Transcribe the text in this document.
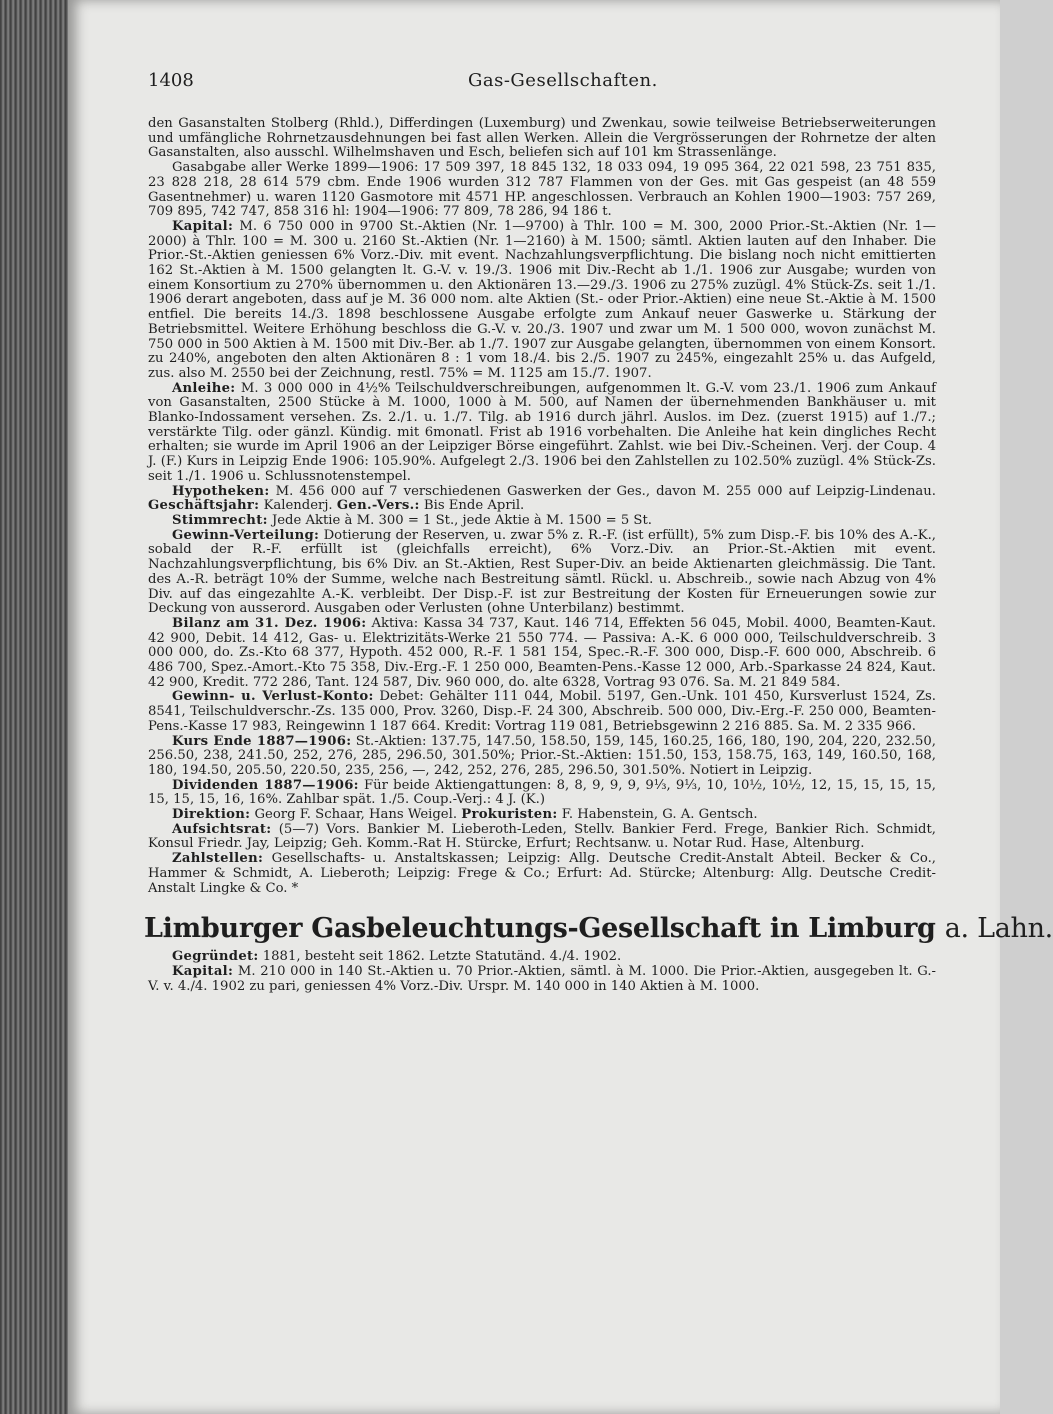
1408	Gas-Gesellschaften.

den Gasanstalten Stolberg (Rhld.), Differdingen (Luxemburg) und Zwenkau, sowie teilweise Betriebserweiterungen und umfängliche Rohrnetzausdehnungen bei fast allen Werken. Allein die Vergrösserungen der Rohrnetze der alten Gasanstalten, also ausschl. Wilhelmshaven und Esch, beliefen sich auf 101 km Strassenlänge.

Gasabgabe aller Werke 1899—1906: 17 509 397, 18 845 132, 18 033 094, 19 095 364, 22 021 598, 23 751 835, 23 828 218, 28 614 579 cbm. Ende 1906 wurden 312 787 Flammen von der Ges. mit Gas gespeist (an 48 559 Gasentnehmer) u. waren 1120 Gasmotore mit 4571 HP. angeschlossen. Verbrauch an Kohlen 1900—1903: 757 269, 709 895, 742 747, 858 316 hl: 1904—1906: 77 809, 78 286, 94 186 t.

Kapital: M. 6 750 000 in 9700 St.-Aktien (Nr. 1—9700) à Thlr. 100 = M. 300, 2000 Prior.-St.-Aktien (Nr. 1—2000) à Thlr. 100 = M. 300 u. 2160 St.-Aktien (Nr. 1—2160) à M. 1500; sämtl. Aktien lauten auf den Inhaber. Die Prior.-St.-Aktien geniessen 6% Vorz.-Div. mit event. Nachzahlungsverpflichtung. Die bislang noch nicht emittierten 162 St.-Aktien à M. 1500 gelangten lt. G.-V. v. 19./3. 1906 mit Div.-Recht ab 1./1. 1906 zur Ausgabe; wurden von einem Konsortium zu 270% übernommen u. den Aktionären 13.—29./3. 1906 zu 275% zuzügl. 4% Stück-Zs. seit 1./1. 1906 derart angeboten, dass auf je M. 36 000 nom. alte Aktien (St.- oder Prior.-Aktien) eine neue St.-Aktie à M. 1500 entfiel. Die bereits 14./3. 1898 beschlossene Ausgabe erfolgte zum Ankauf neuer Gaswerke u. Stärkung der Betriebsmittel. Weitere Erhöhung beschloss die G.-V. v. 20./3. 1907 und zwar um M. 1 500 000, wovon zunächst M. 750 000 in 500 Aktien à M. 1500 mit Div.-Ber. ab 1./7. 1907 zur Ausgabe gelangten, übernommen von einem Konsort. zu 240%, angeboten den alten Aktionären 8 : 1 vom 18./4. bis 2./5. 1907 zu 245%, eingezahlt 25% u. das Aufgeld, zus. also M. 2550 bei der Zeichnung, restl. 75% = M. 1125 am 15./7. 1907.

Anleihe: M. 3 000 000 in 4½% Teilschuldverschreibungen, aufgenommen lt. G.-V. vom 23./1. 1906 zum Ankauf von Gasanstalten, 2500 Stücke à M. 1000, 1000 à M. 500, auf Namen der übernehmenden Bankhäuser u. mit Blanko-Indossament versehen. Zs. 2./1. u. 1./7. Tilg. ab 1916 durch jährl. Auslos. im Dez. (zuerst 1915) auf 1./7.; verstärkte Tilg. oder gänzl. Kündig. mit 6monatl. Frist ab 1916 vorbehalten. Die Anleihe hat kein dingliches Recht erhalten; sie wurde im April 1906 an der Leipziger Börse eingeführt. Zahlst. wie bei Div.-Scheinen. Verj. der Coup. 4 J. (F.) Kurs in Leipzig Ende 1906: 105.90%. Aufgelegt 2./3. 1906 bei den Zahlstellen zu 102.50% zuzügl. 4% Stück-Zs. seit 1./1. 1906 u. Schlussnotenstempel.

Hypotheken: M. 456 000 auf 7 verschiedenen Gaswerken der Ges., davon M. 255 000 auf Leipzig-Lindenau. Geschäftsjahr: Kalenderj. Gen.-Vers.: Bis Ende April.

Stimmrecht: Jede Aktie à M. 300 = 1 St., jede Aktie à M. 1500 = 5 St.

Gewinn-Verteilung: Dotierung der Reserven, u. zwar 5% z. R.-F. (ist erfüllt), 5% zum Disp.-F. bis 10% des A.-K., sobald der R.-F. erfüllt ist (gleichfalls erreicht), 6% Vorz.-Div. an Prior.-St.-Aktien mit event. Nachzahlungsverpflichtung, bis 6% Div. an St.-Aktien, Rest Super-Div. an beide Aktienarten gleichmässig. Die Tant. des A.-R. beträgt 10% der Summe, welche nach Bestreitung sämtl. Rückl. u. Abschreib., sowie nach Abzug von 4% Div. auf das eingezahlte A.-K. verbleibt. Der Disp.-F. ist zur Bestreitung der Kosten für Erneuerungen sowie zur Deckung von ausserord. Ausgaben oder Verlusten (ohne Unterbilanz) bestimmt.

Bilanz am 31. Dez. 1906: Aktiva: Kassa 34 737, Kaut. 146 714, Effekten 56 045, Mobil. 4000, Beamten-Kaut. 42 900, Debit. 14 412, Gas- u. Elektrizitäts-Werke 21 550 774. — Passiva: A.-K. 6 000 000, Teilschuldverschreib. 3 000 000, do. Zs.-Kto 68 377, Hypoth. 452 000, R.-F. 1 581 154, Spec.-R.-F. 300 000, Disp.-F. 600 000, Abschreib. 6 486 700, Spez.-Amort.-Kto 75 358, Div.-Erg.-F. 1 250 000, Beamten-Pens.-Kasse 12 000, Arb.-Sparkasse 24 824, Kaut. 42 900, Kredit. 772 286, Tant. 124 587, Div. 960 000, do. alte 6328, Vortrag 93 076. Sa. M. 21 849 584.

Gewinn- u. Verlust-Konto: Debet: Gehälter 111 044, Mobil. 5197, Gen.-Unk. 101 450, Kursverlust 1524, Zs. 8541, Teilschuldverschr.-Zs. 135 000, Prov. 3260, Disp.-F. 24 300, Abschreib. 500 000, Div.-Erg.-F. 250 000, Beamten-Pens.-Kasse 17 983, Reingewinn 1 187 664. Kredit: Vortrag 119 081, Betriebsgewinn 2 216 885. Sa. M. 2 335 966.

Kurs Ende 1887—1906: St.-Aktien: 137.75, 147.50, 158.50, 159, 145, 160.25, 166, 180, 190, 204, 220, 232.50, 256.50, 238, 241.50, 252, 276, 285, 296.50, 301.50%; Prior.-St.-Aktien: 151.50, 153, 158.75, 163, 149, 160.50, 168, 180, 194.50, 205.50, 220.50, 235, 256, —, 242, 252, 276, 285, 296.50, 301.50%. Notiert in Leipzig.

Dividenden 1887—1906: Für beide Aktiengattungen: 8, 8, 9, 9, 9, 9⅓, 9⅓, 10, 10½, 10½, 12, 15, 15, 15, 15, 15, 15, 15, 16, 16%. Zahlbar spät. 1./5. Coup.-Verj.: 4 J. (K.)

Direktion: Georg F. Schaar, Hans Weigel. Prokuristen: F. Habenstein, G. A. Gentsch.

Aufsichtsrat: (5—7) Vors. Bankier M. Lieberoth-Leden, Stellv. Bankier Ferd. Frege, Bankier Rich. Schmidt, Konsul Friedr. Jay, Leipzig; Geh. Komm.-Rat H. Stürcke, Erfurt; Rechtsanw. u. Notar Rud. Hase, Altenburg.

Zahlstellen: Gesellschafts- u. Anstaltskassen; Leipzig: Allg. Deutsche Credit-Anstalt Abteil. Becker & Co., Hammer & Schmidt, A. Lieberoth; Leipzig: Frege & Co.; Erfurt: Ad. Stürcke; Altenburg: Allg. Deutsche Credit-Anstalt Lingke & Co. *

Limburger Gasbeleuchtungs-Gesellschaft in Limburg a. Lahn.

Gegründet: 1881, besteht seit 1862. Letzte Statutänd. 4./4. 1902.

Kapital: M. 210 000 in 140 St.-Aktien u. 70 Prior.-Aktien, sämtl. à M. 1000. Die Prior.-Aktien, ausgegeben lt. G.-V. v. 4./4. 1902 zu pari, geniessen 4% Vorz.-Div. Urspr. M. 140 000 in 140 Aktien à M. 1000.
